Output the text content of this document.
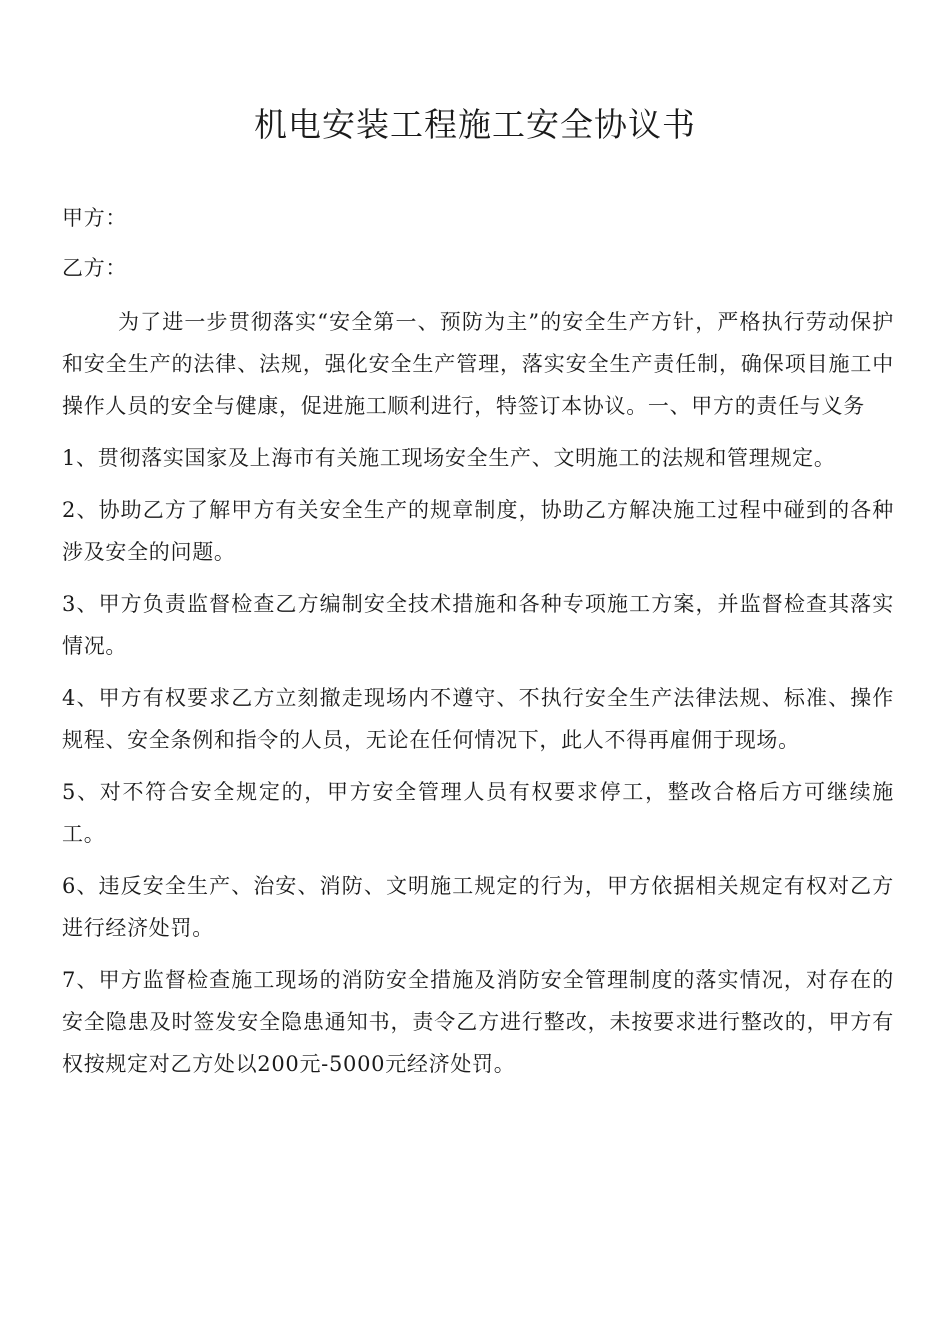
机电安装工程施工安全协议书

甲方：

乙方：

为了进一步贯彻落实“安全第一、预防为主”的安全生产方针，严格执行劳动保护和安全生产的法律、法规，强化安全生产管理，落实安全生产责任制，确保项目施工中操作人员的安全与健康，促进施工顺利进行，特签订本协议。一、甲方的责任与义务

1、贯彻落实国家及上海市有关施工现场安全生产、文明施工的法规和管理规定。

2、协助乙方了解甲方有关安全生产的规章制度，协助乙方解决施工过程中碰到的各种涉及安全的问题。

3、甲方负责监督检查乙方编制安全技术措施和各种专项施工方案，并监督检查其落实情况。

4、甲方有权要求乙方立刻撤走现场内不遵守、不执行安全生产法律法规、标准、操作规程、安全条例和指令的人员，无论在任何情况下，此人不得再雇佣于现场。

5、对不符合安全规定的，甲方安全管理人员有权要求停工，整改合格后方可继续施工。

6、违反安全生产、治安、消防、文明施工规定的行为，甲方依据相关规定有权对乙方进行经济处罚。

7、甲方监督检查施工现场的消防安全措施及消防安全管理制度的落实情况，对存在的安全隐患及时签发安全隐患通知书，责令乙方进行整改，未按要求进行整改的，甲方有权按规定对乙方处以200元-5000元经济处罚。
